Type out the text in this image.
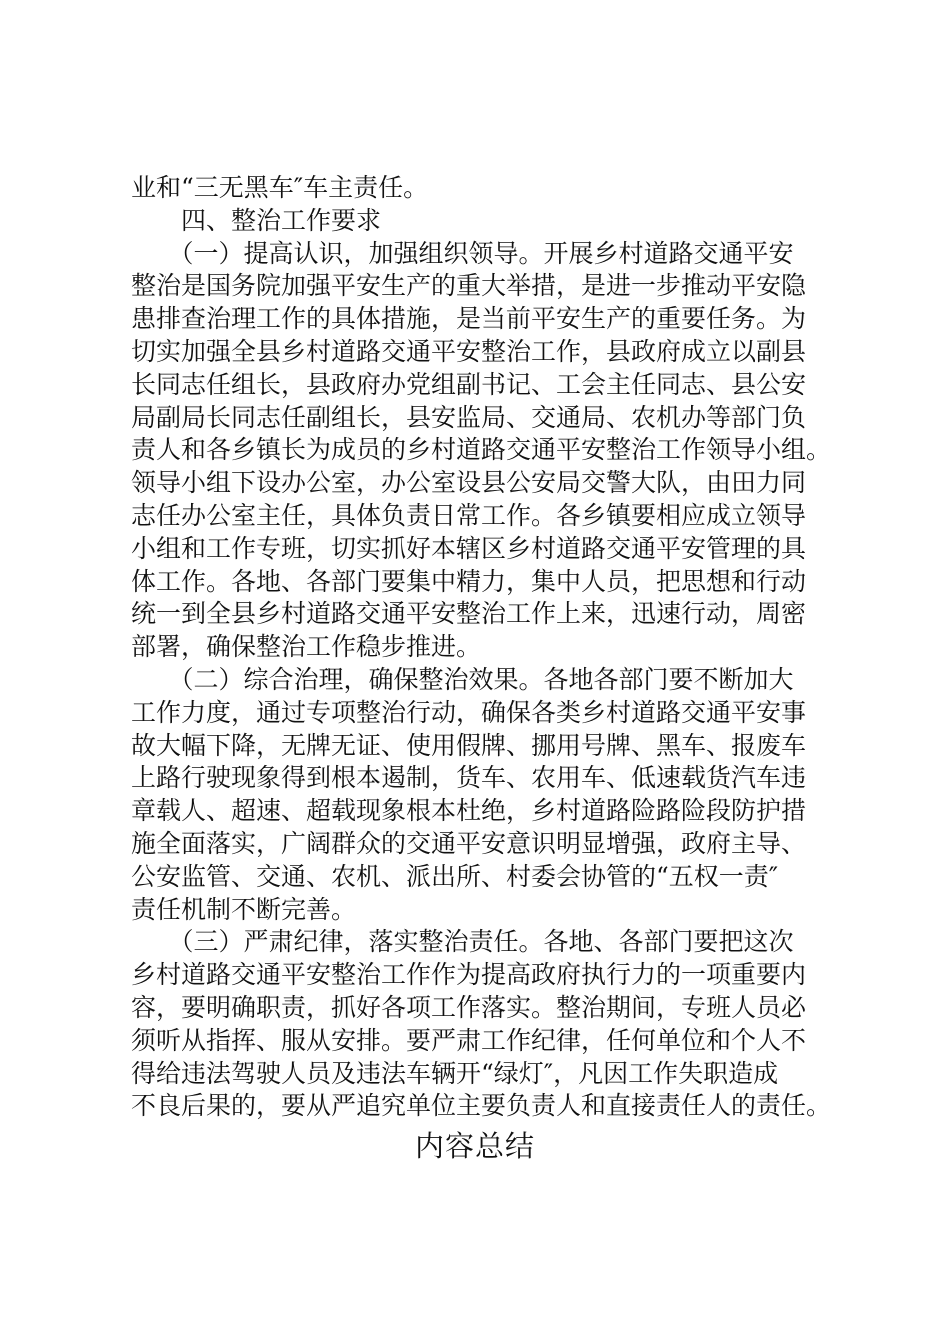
业和“三无黑车″车主责任。
　　四、整治工作要求
　　（一）提高认识，加强组织领导。开展乡村道路交通平安
整治是国务院加强平安生产的重大举措，是进一步推动平安隐
患排查治理工作的具体措施，是当前平安生产的重要任务。为
切实加强全县乡村道路交通平安整治工作，县政府成立以副县
长同志任组长，县政府办党组副书记、工会主任同志、县公安
局副局长同志任副组长，县安监局、交通局、农机办等部门负
责人和各乡镇长为成员的乡村道路交通平安整治工作领导小组。
领导小组下设办公室，办公室设县公安局交警大队，由田力同
志任办公室主任，具体负责日常工作。各乡镇要相应成立领导
小组和工作专班，切实抓好本辖区乡村道路交通平安管理的具
体工作。各地、各部门要集中精力，集中人员，把思想和行动
统一到全县乡村道路交通平安整治工作上来，迅速行动，周密
部署，确保整治工作稳步推进。
　　（二）综合治理，确保整治效果。各地各部门要不断加大
工作力度，通过专项整治行动，确保各类乡村道路交通平安事
故大幅下降，无牌无证、使用假牌、挪用号牌、黑车、报废车
上路行驶现象得到根本遏制，货车、农用车、低速载货汽车违
章载人、超速、超载现象根本杜绝，乡村道路险路险段防护措
施全面落实，广阔群众的交通平安意识明显增强，政府主导、
公安监管、交通、农机、派出所、村委会协管的“五权一责″
责任机制不断完善。
　　（三）严肃纪律，落实整治责任。各地、各部门要把这次
乡村道路交通平安整治工作作为提高政府执行力的一项重要内
容，要明确职责，抓好各项工作落实。整治期间，专班人员必
须听从指挥、服从安排。要严肃工作纪律，任何单位和个人不
得给违法驾驶人员及违法车辆开“绿灯″，凡因工作失职造成
不良后果的，要从严追究单位主要负责人和直接责任人的责任。
内容总结
